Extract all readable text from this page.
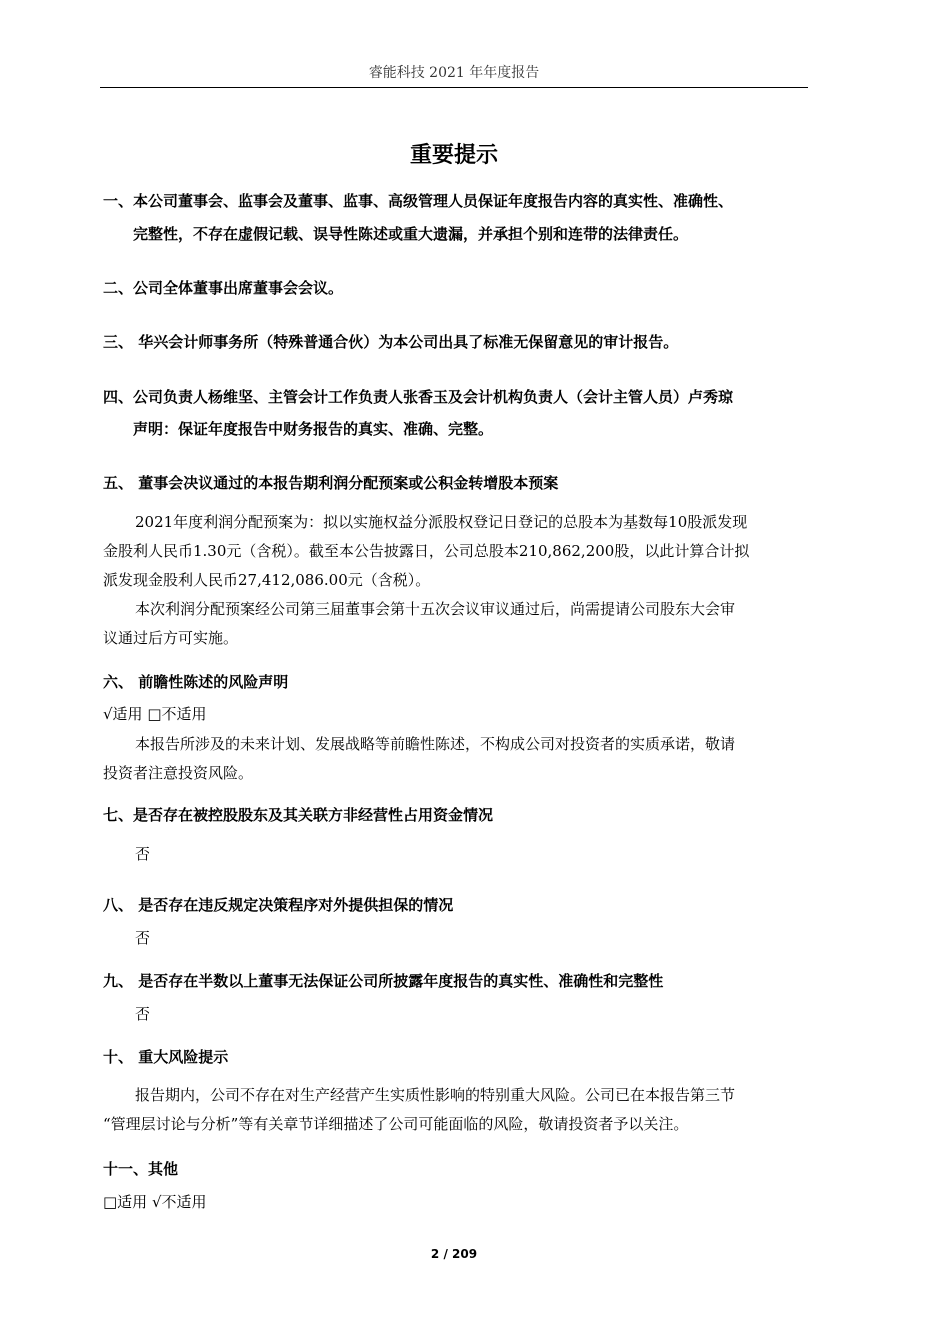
睿能科技 2021 年年度报告
重要提示
一、本公司董事会、监事会及董事、监事、高级管理人员保证年度报告内容的真实性、准确性、
完整性，不存在虚假记载、误导性陈述或重大遗漏，并承担个别和连带的法律责任。
二、公司全体董事出席董事会会议。
三、 华兴会计师事务所（特殊普通合伙）为本公司出具了标准无保留意见的审计报告。
四、公司负责人杨维坚、主管会计工作负责人张香玉及会计机构负责人（会计主管人员）卢秀琼
声明：保证年度报告中财务报告的真实、准确、完整。
五、 董事会决议通过的本报告期利润分配预案或公积金转增股本预案
2021年度利润分配预案为：拟以实施权益分派股权登记日登记的总股本为基数每10股派发现
金股利人民币1.30元（含税）。截至本公告披露日，公司总股本210,862,200股，以此计算合计拟
派发现金股利人民币27,412,086.00元（含税）。
本次利润分配预案经公司第三届董事会第十五次会议审议通过后，尚需提请公司股东大会审
议通过后方可实施。
六、 前瞻性陈述的风险声明
√适用 □不适用
本报告所涉及的未来计划、发展战略等前瞻性陈述，不构成公司对投资者的实质承诺，敬请
投资者注意投资风险。
七、是否存在被控股股东及其关联方非经营性占用资金情况
否
八、 是否存在违反规定决策程序对外提供担保的情况
否
九、 是否存在半数以上董事无法保证公司所披露年度报告的真实性、准确性和完整性
否
十、 重大风险提示
报告期内，公司不存在对生产经营产生实质性影响的特别重大风险。公司已在本报告第三节
“管理层讨论与分析”等有关章节详细描述了公司可能面临的风险，敬请投资者予以关注。
十一、其他
□适用 √不适用
2 / 209
